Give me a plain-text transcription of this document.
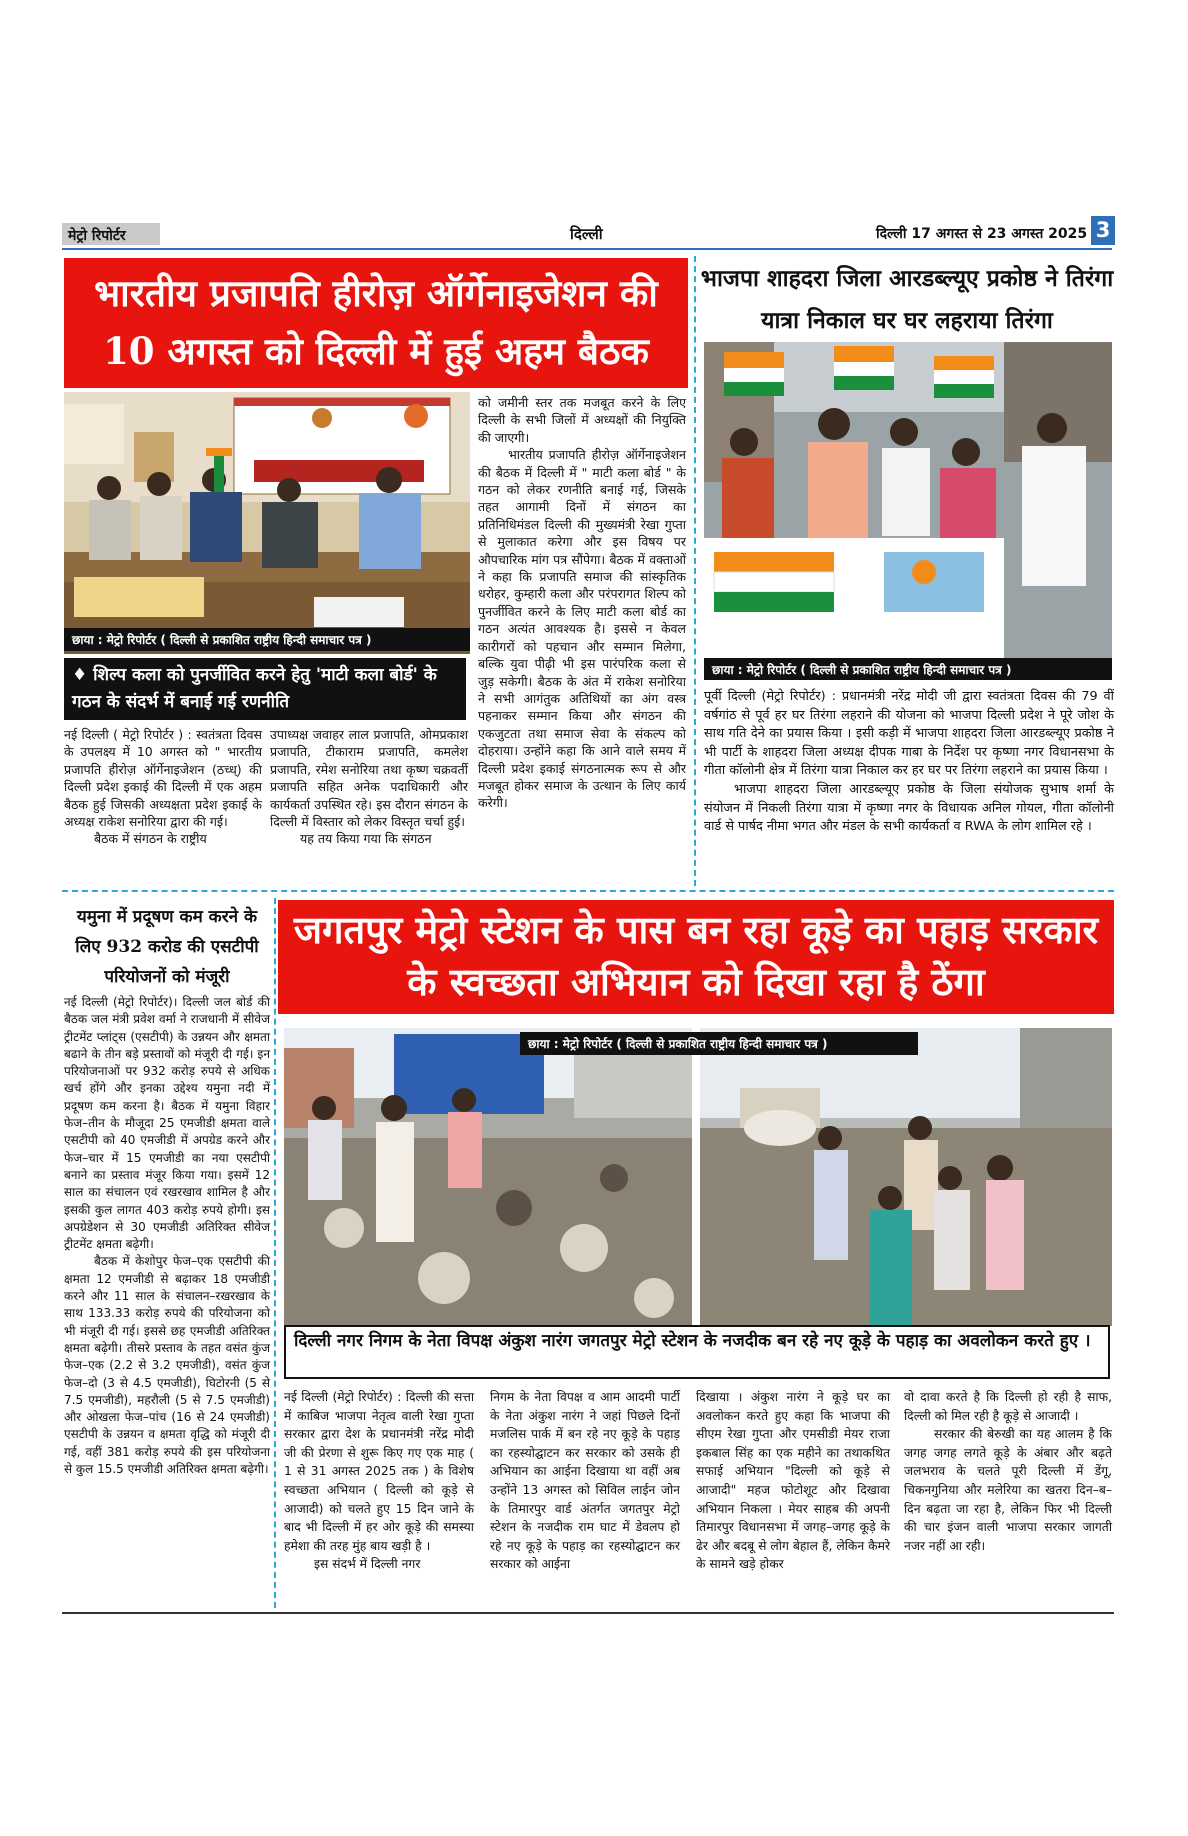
मेट्रो रिपोर्टर	दिल्ली	दिल्ली 17 अगस्त से 23 अगस्त 2025 3
भारतीय प्रजापति हीरोज़ ऑर्गेनाइजेशन की 10 अगस्त को दिल्ली में हुई अहम बैठक
भाजपा शाहदरा जिला आरडब्ल्यूए प्रकोष्ठ ने तिरंगा यात्रा निकाल घर घर लहराया तिरंगा
छाया : मेट्रो रिपोर्टर ( दिल्ली से प्रकाशित राष्ट्रीय हिन्दी समाचार पत्र )
♦ शिल्प कला को पुनर्जीवित करने हेतु 'माटी कला बोर्ड' के गठन के संदर्भ में बनाई गई रणनीति

नई दिल्ली ( मेट्रो रिपोर्टर ) : स्वतंत्रता दिवस के उपलक्ष्य में 10 अगस्त को " भारतीय प्रजापति हीरोज़ ऑर्गेनाइजेशन (ठच्ध्) की दिल्ली प्रदेश इकाई की दिल्ली में एक अहम बैठक हुई जिसकी अध्यक्षता प्रदेश इकाई के अध्यक्ष राकेश सनोरिया द्वारा की गई।

बैठक में संगठन के राष्ट्रीय

उपाध्यक्ष जवाहर लाल प्रजापति, ओमप्रकाश प्रजापति, टीकाराम प्रजापति, कमलेश प्रजापति, रमेश सनोरिया तथा कृष्ण चक्रवर्ती प्रजापति सहित अनेक पदाधिकारी और कार्यकर्ता उपस्थित रहे। इस दौरान संगठन के दिल्ली में विस्तार को लेकर विस्तृत चर्चा हुई।

यह तय किया गया कि संगठन

को जमीनी स्तर तक मजबूत करने के लिए दिल्ली के सभी जिलों में अध्यक्षों की नियुक्ति की जाएगी।

भारतीय प्रजापति हीरोज़ ऑर्गेनाइजेशन की बैठक में दिल्ली में " माटी कला बोर्ड " के गठन को लेकर रणनीति बनाई गई, जिसके तहत आगामी दिनों में संगठन का प्रतिनिधिमंडल दिल्ली की मुख्यमंत्री रेखा गुप्ता से मुलाकात करेगा और इस विषय पर औपचारिक मांग पत्र सौंपेगा। बैठक में वक्ताओं ने कहा कि प्रजापति समाज की सांस्कृतिक धरोहर, कुम्हारी कला और परंपरागत शिल्प को पुनर्जीवित करने के लिए माटी कला बोर्ड का गठन अत्यंत आवश्यक है। इससे न केवल कारीगरों को पहचान और सम्मान मिलेगा, बल्कि युवा पीढ़ी भी इस पारंपरिक कला से जुड़ सकेगी। बैठक के अंत में राकेश सनोरिया ने सभी आगंतुक अतिथियों का अंग वस्त्र पहनाकर सम्मान किया और संगठन की एकजुटता तथा समाज सेवा के संकल्प को दोहराया। उन्होंने कहा कि आने वाले समय में दिल्ली प्रदेश इकाई संगठनात्मक रूप से और मजबूत होकर समाज के उत्थान के लिए कार्य करेगी।

छाया : मेट्रो रिपोर्टर ( दिल्ली से प्रकाशित राष्ट्रीय हिन्दी समाचार पत्र )

पूर्वी दिल्ली (मेट्रो रिपोर्टर) : प्रधानमंत्री नरेंद्र मोदी जी द्वारा स्वतंत्रता दिवस की 79 वीं वर्षगांठ से पूर्व हर घर तिरंगा लहराने की योजना को भाजपा दिल्ली प्रदेश ने पूरे जोश के साथ गति देने का प्रयास किया । इसी कड़ी में भाजपा शाहदरा जिला आरडब्ल्यूए प्रकोष्ठ ने भी पार्टी के शाहदरा जिला अध्यक्ष दीपक गाबा के निर्देश पर कृष्णा नगर विधानसभा के गीता कॉलोनी क्षेत्र में तिरंगा यात्रा निकाल कर हर घर पर तिरंगा लहराने का प्रयास किया ।

भाजपा शाहदरा जिला आरडब्ल्यूए प्रकोष्ठ के जिला संयोजक सुभाष शर्मा के संयोजन में निकली तिरंगा यात्रा में कृष्णा नगर के विधायक अनिल गोयल, गीता कॉलोनी वार्ड से पार्षद नीमा भगत और मंडल के सभी कार्यकर्ता व RWA के लोग शामिल रहे ।

यमुना में प्रदूषण कम करने के लिए 932 करोड की एसटीपी परियोजनों को मंजूरी

नई दिल्ली (मेट्रो रिपोर्टर)। दिल्ली जल बोर्ड की बैठक जल मंत्री प्रवेश वर्मा ने राजधानी में सीवेज ट्रीटमेंट प्लांट्स (एसटीपी) के उन्नयन और क्षमता बढाने के तीन बड़े प्रस्तावों को मंजूरी दी गई। इन परियोजनाओं पर 932 करोड़ रुपये से अधिक खर्च होंगे और इनका उद्देश्य यमुना नदी में प्रदूषण कम करना है। बैठक में यमुना विहार फेज–तीन के मौजूदा 25 एमजीडी क्षमता वाले एसटीपी को 40 एमजीडी में अपग्रेड करने और फेज–चार में 15 एमजीडी का नया एसटीपी बनाने का प्रस्ताव मंजूर किया गया। इसमें 12 साल का संचालन एवं रखरखाव शामिल है और इसकी कुल लागत 403 करोड़ रुपये होगी। इस अपग्रेडेशन से 30 एमजीडी अतिरिक्त सीवेज ट्रीटमेंट क्षमता बढ़ेगी।

बैठक में केशोपुर फेज–एक एसटीपी की क्षमता 12 एमजीडी से बढ़ाकर 18 एमजीडी करने और 11 साल के संचालन–रखरखाव के साथ 133.33 करोड़ रुपये की परियोजना को भी मंजूरी दी गई। इससे छह एमजीडी अतिरिक्त क्षमता बढ़ेगी। तीसरे प्रस्ताव के तहत वसंत कुंज फेज–एक (2.2 से 3.2 एमजीडी), वसंत कुंज फेज–दो (3 से 4.5 एमजीडी), घिटोरनी (5 से 7.5 एमजीडी), महरौली (5 से 7.5 एमजीडी) और ओखला फेज–पांच (16 से 24 एमजीडी) एसटीपी के उन्नयन व क्षमता वृद्धि को मंजूरी दी गई, वहीं 381 करोड़ रुपये की इस परियोजना से कुल 15.5 एमजीडी अतिरिक्त क्षमता बढ़ेगी।

जगतपुर मेट्रो स्टेशन के पास बन रहा कूड़े का पहाड़ सरकार के स्वच्छता अभियान को दिखा रहा है ठेंगा
छाया : मेट्रो रिपोर्टर ( दिल्ली से प्रकाशित राष्ट्रीय हिन्दी समाचार पत्र )
दिल्ली नगर निगम के नेता विपक्ष अंकुश नारंग जगतपुर मेट्रो स्टेशन के नजदीक बन रहे नए कूड़े के पहाड़ का अवलोकन करते हुए ।

नई दिल्ली (मेट्रो रिपोर्टर) : दिल्ली की सत्ता में काबिज भाजपा नेतृत्व वाली रेखा गुप्ता सरकार द्वारा देश के प्रधानमंत्री नरेंद्र मोदी जी की प्रेरणा से शुरू किए गए एक माह ( 1 से 31 अगस्त 2025 तक ) के विशेष स्वच्छता अभियान ( दिल्ली को कूड़े से आजादी) को चलते हुए 15 दिन जाने के बाद भी दिल्ली में हर ओर कूड़े की समस्या हमेशा की तरह मुंह बाय खड़ी है ।

इस संदर्भ में दिल्ली नगर

निगम के नेता विपक्ष व आम आदमी पार्टी के नेता अंकुश नारंग ने जहां पिछले दिनों मजलिस पार्क में बन रहे नए कूड़े के पहाड़ का रहस्योद्घाटन कर सरकार को उसके ही अभियान का आईना दिखाया था वहीं अब उन्होंने 13 अगस्त को सिविल लाईन जोन के तिमारपुर वार्ड अंतर्गत जगतपुर मेट्रो स्टेशन के नजदीक राम घाट में डेवलप हो रहे नए कूड़े के पहाड़ का रहस्योद्घाटन कर सरकार को आईना

दिखाया । अंकुश नारंग ने कूड़े घर का अवलोकन करते हुए कहा कि भाजपा की सीएम रेखा गुप्ता और एमसीडी मेयर राजा इकबाल सिंह का एक महीने का तथाकथित सफाई अभियान "दिल्ली को कूड़े से आजादी" महज फोटोशूट और दिखावा अभियान निकला । मेयर साहब की अपनी तिमारपुर विधानसभा में जगह–जगह कूड़े के ढेर और बदबू से लोग बेहाल हैं, लेकिन कैमरे के सामने खड़े होकर

वो दावा करते है कि दिल्ली हो रही है साफ, दिल्ली को मिल रही है कूड़े से आजादी ।

सरकार की बेरुखी का यह आलम है कि जगह जगह लगते कूड़े के अंबार और बढ़ते जलभराव के चलते पूरी दिल्ली में डेंगू, चिकनगुनिया और मलेरिया का खतरा दिन–ब–दिन बढ़ता जा रहा है, लेकिन फिर भी दिल्ली की चार इंजन वाली भाजपा सरकार जागती नजर नहीं आ रही।
